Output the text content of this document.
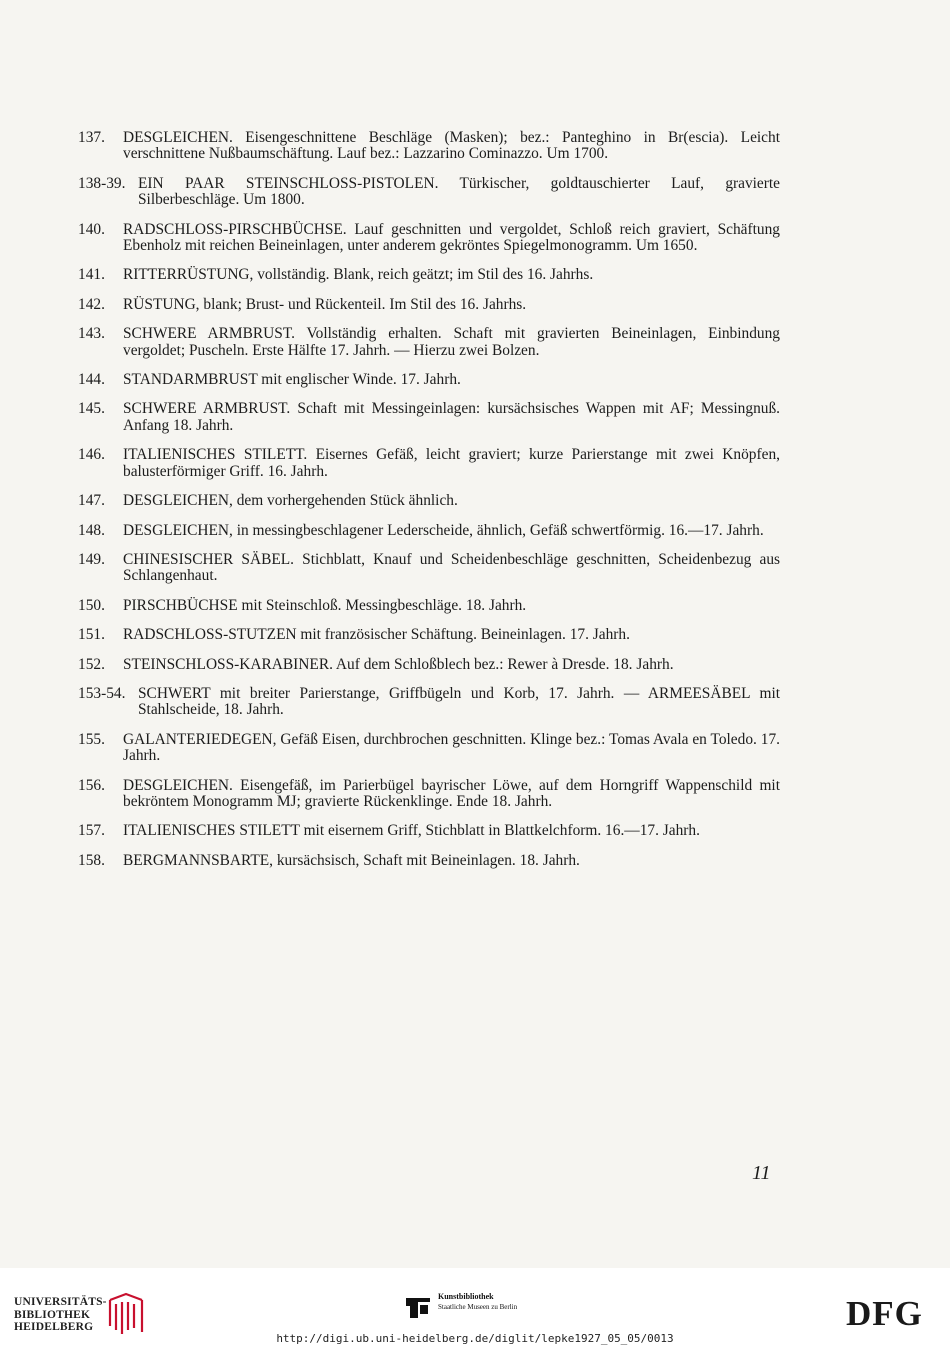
137. DESGLEICHEN. Eisengeschnittene Beschläge (Masken); bez.: Panteghino in Br(escia). Leicht verschnittene Nußbaumschäftung. Lauf bez.: Lazzarino Cominazzo. Um 1700.
138-39. EIN PAAR STEINSCHLOSS-PISTOLEN. Türkischer, goldtauschierter Lauf, gravierte Silberbeschläge. Um 1800.
140. RADSCHLOSS-PIRSCHBÜCHSE. Lauf geschnitten und vergoldet, Schloß reich graviert, Schäftung Ebenholz mit reichen Beineinlagen, unter anderem gekröntes Spiegelmonogramm. Um 1650.
141. RITTERRÜSTUNG, vollständig. Blank, reich geätzt; im Stil des 16. Jahrhs.
142. RÜSTUNG, blank; Brust- und Rückenteil. Im Stil des 16. Jahrhs.
143. SCHWERE ARMBRUST. Vollständig erhalten. Schaft mit gravierten Beineinlagen, Einbindung vergoldet; Puscheln. Erste Hälfte 17. Jahrh. — Hierzu zwei Bolzen.
144. STANDARMBRUST mit englischer Winde. 17. Jahrh.
145. SCHWERE ARMBRUST. Schaft mit Messingeinlagen: kursächsisches Wappen mit AF; Messingnuß. Anfang 18. Jahrh.
146. ITALIENISCHES STILETT. Eisernes Gefäß, leicht graviert; kurze Parierstange mit zwei Knöpfen, balusterförmiger Griff. 16. Jahrh.
147. DESGLEICHEN, dem vorhergehenden Stück ähnlich.
148. DESGLEICHEN, in messingbeschlagener Lederscheide, ähnlich, Gefäß schwertförmig. 16.—17. Jahrh.
149. CHINESISCHER SÄBEL. Stichblatt, Knauf und Scheidenbeschläge geschnitten, Scheidenbezug aus Schlangenhaut.
150. PIRSCHBÜCHSE mit Steinschloß. Messingbeschläge. 18. Jahrh.
151. RADSCHLOSS-STUTZEN mit französischer Schäftung. Beineinlagen. 17. Jahrh.
152. STEINSCHLOSS-KARABINER. Auf dem Schloßblech bez.: Rewer à Dresde. 18. Jahrh.
153-54. SCHWERT mit breiter Parierstange, Griffbügeln und Korb, 17. Jahrh. — ARMEESÄBEL mit Stahlscheide, 18. Jahrh.
155. GALANTERIEDEGEN, Gefäß Eisen, durchbrochen geschnitten. Klinge bez.: Tomas Avala en Toledo. 17. Jahrh.
156. DESGLEICHEN. Eisengefäß, im Parierbügel bayrischer Löwe, auf dem Horngriff Wappenschild mit bekröntem Monogramm MJ; gravierte Rückenklinge. Ende 18. Jahrh.
157. ITALIENISCHES STILETT mit eisernem Griff, Stichblatt in Blattkelchform. 16.—17. Jahrh.
158. BERGMANNSBARTE, kursächsisch, Schaft mit Beineinlagen. 18. Jahrh.
11
UNIVERSITÄTS-
BIBLIOTHEK
HEIDELBERG
Kunstbibliothek
Staatliche Museen zu Berlin	DFG
http://digi.ub.uni-heidelberg.de/diglit/lepke1927_05_05/0013
